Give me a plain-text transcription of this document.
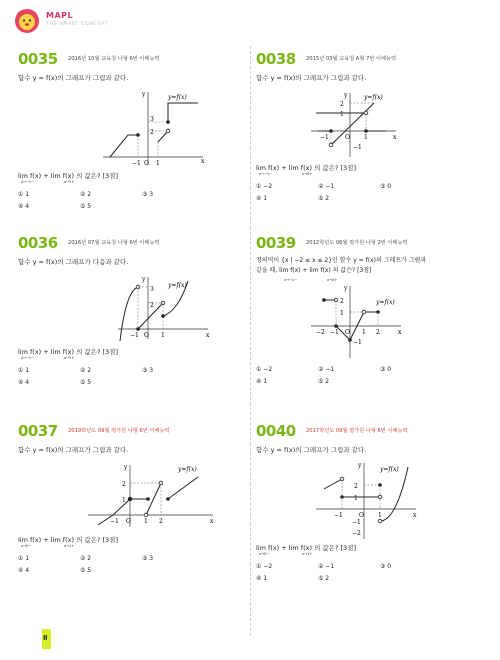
MAPL
THE SMART CONCEPT
0035 2016년 10월 교육청 나형 6번 이해능력
함수 y = f(x)의 그래프가 그림과 같다.
3
2
−1 O 1	x
y	y=f(x)
lim f(x) + lim f(x) 의 값은? [3점]
x→−1−	x→1+
① 1	② 2	③ 3
④ 4	⑤ 5
0036 2016년 07월 교육청 나형 6번 이해능력
함수 y = f(x)의 그래프가 다음과 같다.
3
2
−1 O 1	x
y
y=f(x)
lim f(x) + lim f(x) 의 값은? [3점]
x→−1−	x→1+
① 1	② 2	③ 3
④ 4	⑤ 5
0037 2019학년도 09월 평가원 나형 6번 이해능력
함수 y = f(x)의 그래프가 그림과 같다.
2
1
−1 O 1 2	x
y	y=f(x)
lim f(x) + lim f(x) 의 값은? [3점]
x→0−	x→1+
① 1	② 2	③ 3
④ 4	⑤ 5
0038 2015년 03월 교육청 A형 7번 이해능력
함수 y = f(x)의 그래프가 그림과 같다.
2
1
−1	O 1	x
−1
y	y=f(x)
lim f(x) + lim f(x) 의 값은? [3점]
x→−1−	x→0+
① −2	② −1	③ 0
④ 1	⑤ 2
0039 2012학년도 06월 평가원 나형 2번 이해능력
정의역이 {x | −2 ≤ x ≤ 2}인 함수 y = f(x)의 그래프가 그림과
같을 때, lim f(x) + lim f(x) 의 값은? [3점]
x→−1−	x→0+
2
1
−2 −1 O 1 2	x
−1
y
y=f(x)
① −2	② −1	③ 0
④ 1	⑤ 2
0040 2017학년도 09월 평가원 나형 6번 이해능력
함수 y = f(x)의 그래프가 그림과 같다.
2
1
−1	O 1	x
−1
−2
y
y=f(x)
lim f(x) + lim f(x) 의 값은? [3점]
x→0−	x→1+
① −2	② −1	③ 0
④ 1	⑤ 2
Ⅱ
